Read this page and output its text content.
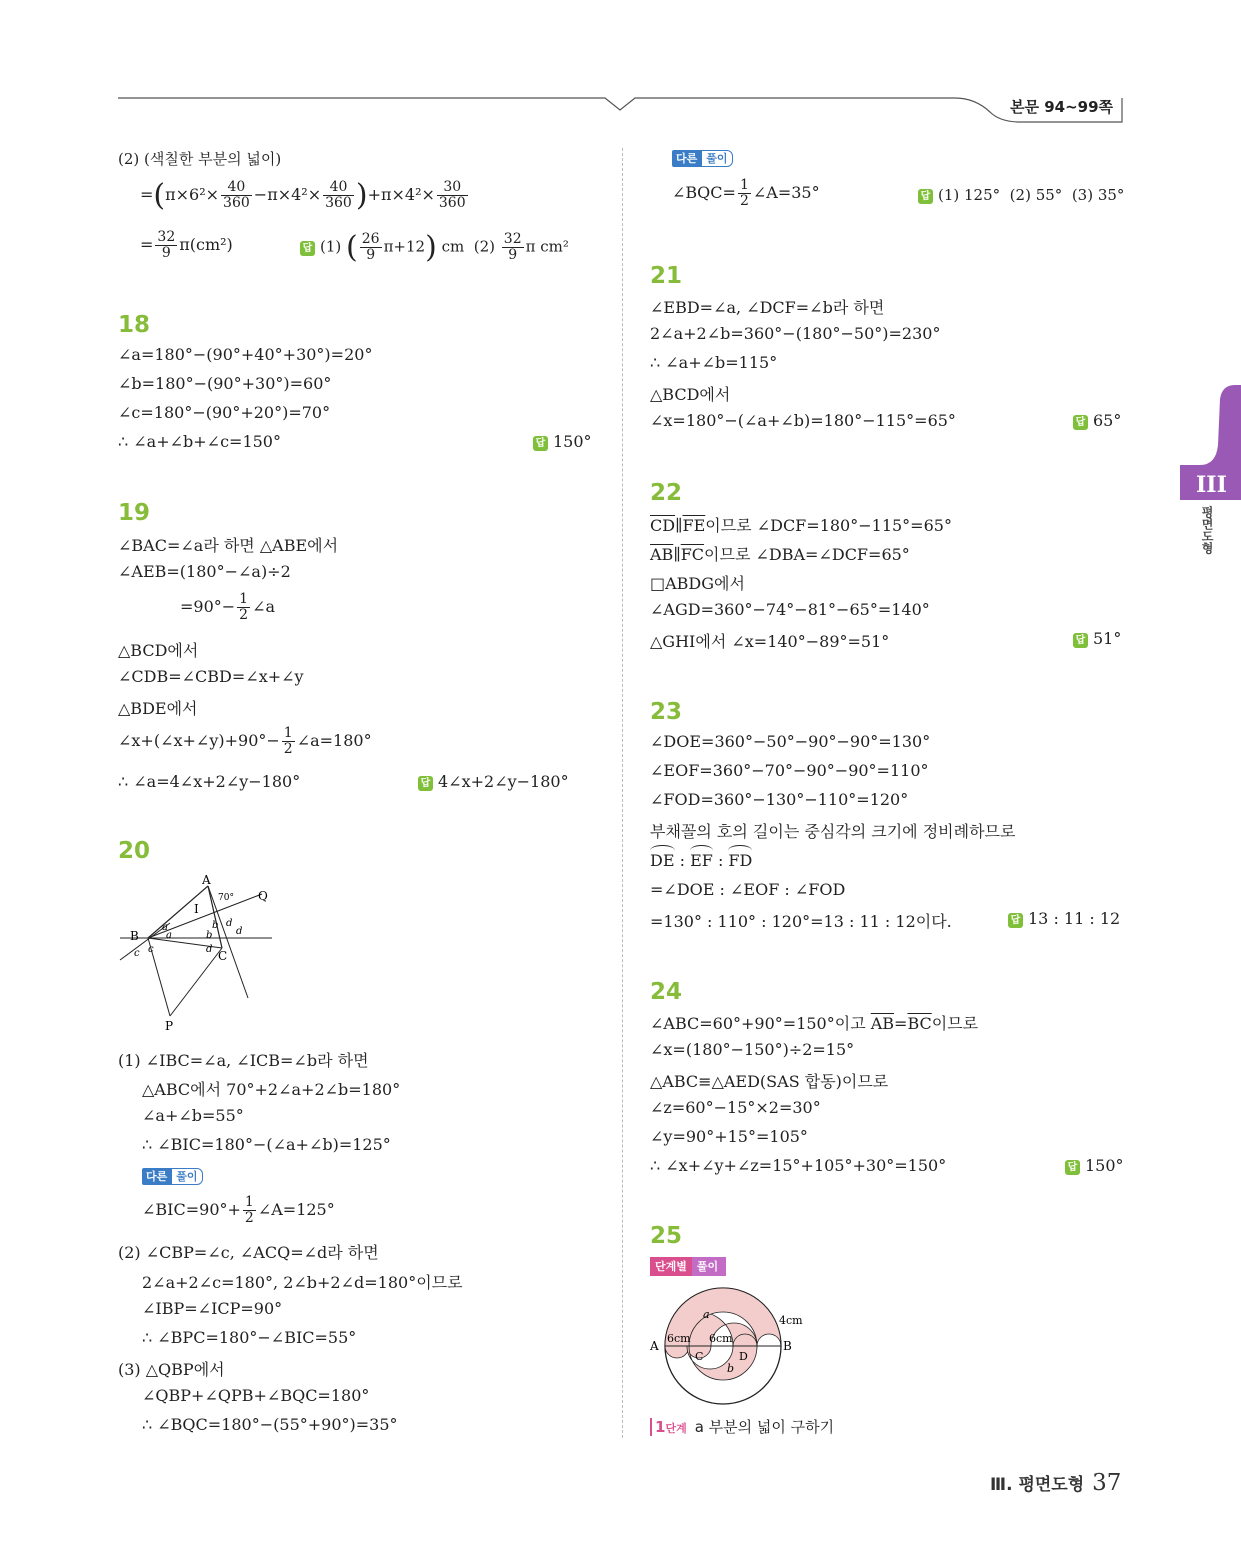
본문 94~99쪽
III
평면도형
(2) (색칠한 부분의 넓이)
$=(\pi\times 6^2\times \frac{40}{360} -\pi\times 4^2\times \frac{40}{360} )+\pi\times 4^2\times \frac{30}{360}$
= $\frac{32}{9} \pi(cm^2)$	답 (1) ( $\frac{26}{9} \pi+12$) cm $(2) \frac{32}{9}$ π cm²
18
∠a=180°−(90°+40°+30°)=20°
∠b=180°−(90°+30°)=60°
∠c=180°−(90°+20°)=70°
∴ ∠a+∠b+∠c=150°	답 150°
19
∠BAC=∠a라 하면 △ABE에서
∠AEB=(180°−∠a)÷2
$=90^\circ- \frac{1}{2}$ ∠a
△BCD에서
∠CDB=∠CBD=∠x+∠y
△BDE에서
∠x+(∠x+∠y)+90°− $\frac{1}{2}$ ∠a=180°
∴ ∠a=4∠x+2∠y−180°	답 4∠x+2∠y−180°
20
A
B
C
P
Q
I
70°
a
a
b
b
c c
d
d
d
(1) ∠IBC=∠a, ∠ICB=∠b라 하면
△ABC에서 70°+2∠a+2∠b=180°
∠a+∠b=55°
∴ ∠BIC=180°−(∠a+∠b)=125°
다른 풀이
∠BIC=90°+ $\frac{1}{2}$ ∠A=125°
(2) ∠CBP=∠c, ∠ACQ=∠d라 하면
2∠a+2∠c=180°, 2∠b+2∠d=180°이므로
∠IBP=∠ICP=90°
∴ ∠BPC=180°−∠BIC=55°
(3) △QBP에서
∠QBP+∠QPB+∠BQC=180°
∴ ∠BQC=180°−(55°+90°)=35°
다른 풀이
∠BQC= $\frac{1}{2}$ ∠A=35°	답 (1) 125°  (2) 55°  (3) 35°
21
∠EBD=∠a, ∠DCF=∠b라 하면
2∠a+2∠b=360°−(180°−50°)=230°
∴ ∠a+∠b=115°
△BCD에서
∠x=180°−(∠a+∠b)=180°−115°=65°	답 65°
22
$\overline{CD}\parallel\overline{FE}$이므로 ∠DCF=180°−115°=65°
$\overline{AB}\parallel\overline{FC}$이므로 ∠DBA=∠DCF=65°
□ABDG에서
∠AGD=360°−74°−81°−65°=140°
△GHI에서 ∠x=140°−89°=51°	답 51°
23
∠DOE=360°−50°−90°−90°=130°
∠EOF=360°−70°−90°−90°=110°
∠FOD=360°−130°−110°=120°
부채꼴의 호의 길이는 중심각의 크기에 정비례하므로
DE : EF : FD
=∠DOE : ∠EOF : ∠FOD
=130° : 110° : 120°=13 : 11 : 12이다.	답 13 : 11 : 12
24
∠ABC=60°+90°=150°이고 $\overline{AB}=\overline{BC}$이므로
∠x=(180°−150°)÷2=15°
△ABC≡△AED(SAS 합동)이므로
∠z=60°−15°×2=30°
∠y=90°+15°=105°
∴ ∠x+∠y+∠z=15°+105°+30°=150°	답 150°
25
단계별 풀이
A	B
C	D
a
b
6cm 6cm
4cm
1단계 a 부분의 넓이 구하기
Ⅲ. 평면도형 37
